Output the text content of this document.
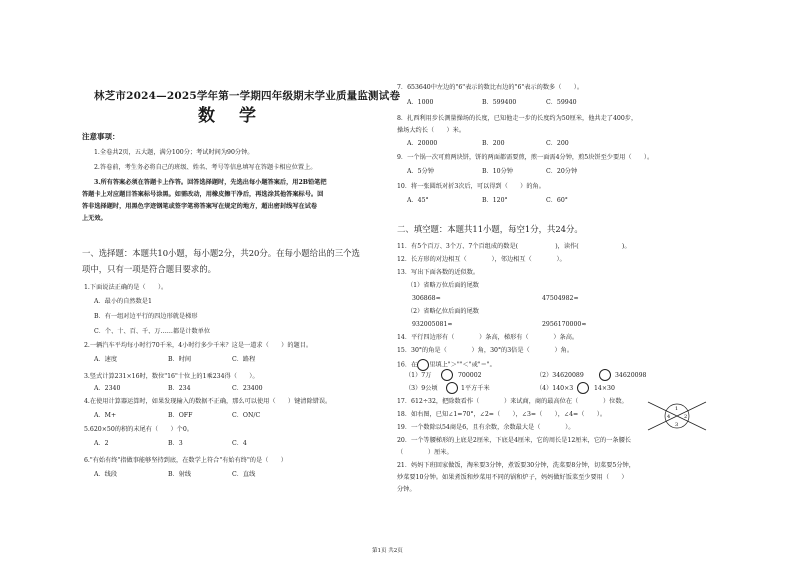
林芝市2024—2025学年第一学期四年级期末学业质量监测试卷
数学
注意事项：
1.全卷共2页，五大题，满分100分；考试时间为90分钟。
2.答卷前，考生务必将自己的班级、姓名、考号等信息填写在答题卡相应位置上。
3.所有答案必须在答题卡上作答。回答选择题时，先选出每小题答案后，用2B铅笔把
答题卡上对应题目答案标号涂黑。如需改动，用橡皮擦干净后，再选涂其他答案标号。回
答非选择题时，用黑色字迹钢笔或签字笔将答案写在规定的地方，超出密封线写在试卷
上无效。
一、选择题：本题共10小题，每小题2分，共20分。在每小题给出的三个选
项中，只有一项是符合题目要求的。
1.下面说法正确的是（　　）。
A．最小的自然数是1
B．有一组对边平行的四边形就是梯形
C．个、十、百、千、万……都是计数单位
2.一辆汽车平均每小时行70千米，4小时行多少千米？这是一道求（　　）的题目。
A．速度	B．时间	C．路程
3.竖式计算231×16时，数位"16"十位上的1乘234得（　　）。
A．2340	B．234	C．23400
4.在使用计算器运算时，如果发现输入的数据不正确，那么可以使用（　　）键清除错误。
A．M+	B．OFF	C．ON/C
5.620×50的积的末尾有（　　）个0。
A．2	B．3	C．4
6."有始有终"指做事能够坚持到底，在数学上符合"有始有终"的是（　　）
A．线段	B．射线	C．直线
7．653640中左边的"6"表示的数比右边的"6"表示的数多（　　）。
A．1000	B．599400	C．59940
8．扎西利用步长测量操场的长度，已知他走一步的长度约为50厘米，他共走了400步，
操场大约长（　　）米。
A．20000	B．200	C．200
9．一个锅一次可煎两块饼，饼的两面都需要煎，煎一面需4分钟，煎5块饼至少要用（　　）。
A．5分钟	B．10分钟	C．20分钟
10．将一张圆纸对折3次后，可以得到（　　）的角。
A．45°	B．120°	C．60°
二、填空题：本题共11小题，每空1分，共24分。
11．有5个百万、3个万、7个百组成的数是(　　　　　　)，读作(　　　　　　　)。
12．长方形的对边相互（　　　　），邻边相互（　　　　）。
13．写出下面各数的近似数。
（1）省略万位后面的尾数
306868≈	47504982≈
（2）省略亿位后面的尾数
932005081≈	2956170000≈
14．平行四边形有（　　　　）条高，梯形有（　　　　）条高。
15．30°的角是（　　　　）角，30°的3倍是（　　　　）角。
16．在 里填上"＞""＜"或"＝"。
（1）7万	700002	（2）34620089	34620098
（3）9公顷	1平方千米	（4）140×3	14×30
17．612÷32，把除数看作（　　　　）来试商，商的最高位在（　　　　）位数。
18．如右图，已知∠1=70°，∠2=（　　），∠3=（　　），∠4=（　　）。
19．一个数除以54商是6，且有余数，余数最大是（　　　　）。
20．一个等腰梯形的上底是2厘米，下底是4厘米，它的周长是12厘米，它的一条腰长
（　　　　）厘米。
21．妈妈下班回家做饭，淘米要3分钟，煮饭要30分钟，洗菜要8分钟，切菜要5分钟，
炒菜要10分钟。如果煮饭和炒菜用不同的锅和炉子，妈妈做好饭菜至少要用（　　）
分钟。
1
2
3
4
第1页 共2页
